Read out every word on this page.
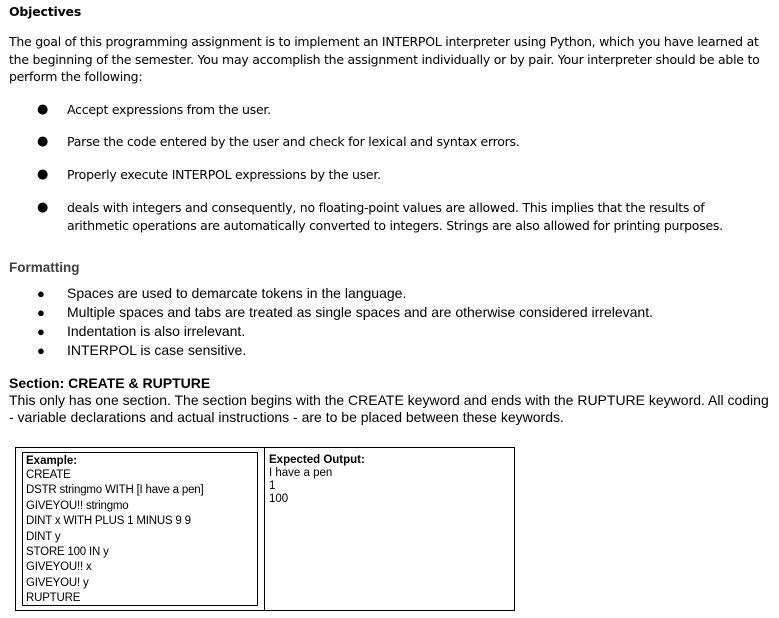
Objectives
The goal of this programming assignment is to implement an INTERPOL interpreter using Python, which you have learned at the beginning of the semester. You may accomplish the assignment individually or by pair. Your interpreter should be able to perform the following:
● Accept expressions from the user.
● Parse the code entered by the user and check for lexical and syntax errors.
● Properly execute INTERPOL expressions by the user.
● deals with integers and consequently, no floating-point values are allowed. This implies that the results of arithmetic operations are automatically converted to integers. Strings are also allowed for printing purposes.
Formatting
● Spaces are used to demarcate tokens in the language.
● Multiple spaces and tabs are treated as single spaces and are otherwise considered irrelevant.
● Indentation is also irrelevant.
● INTERPOL is case sensitive.
Section: CREATE & RUPTURE
This only has one section. The section begins with the CREATE keyword and ends with the RUPTURE keyword. All coding - variable declarations and actual instructions - are to be placed between these keywords.
Example:
CREATE
DSTR stringmo WITH [I have a pen]
GIVEYOU!! stringmo
DINT x WITH PLUS 1 MINUS 9 9
DINT y
STORE 100 IN y
GIVEYOU!! x
GIVEYOU! y
RUPTURE
Expected Output:
I have a pen
1
100
